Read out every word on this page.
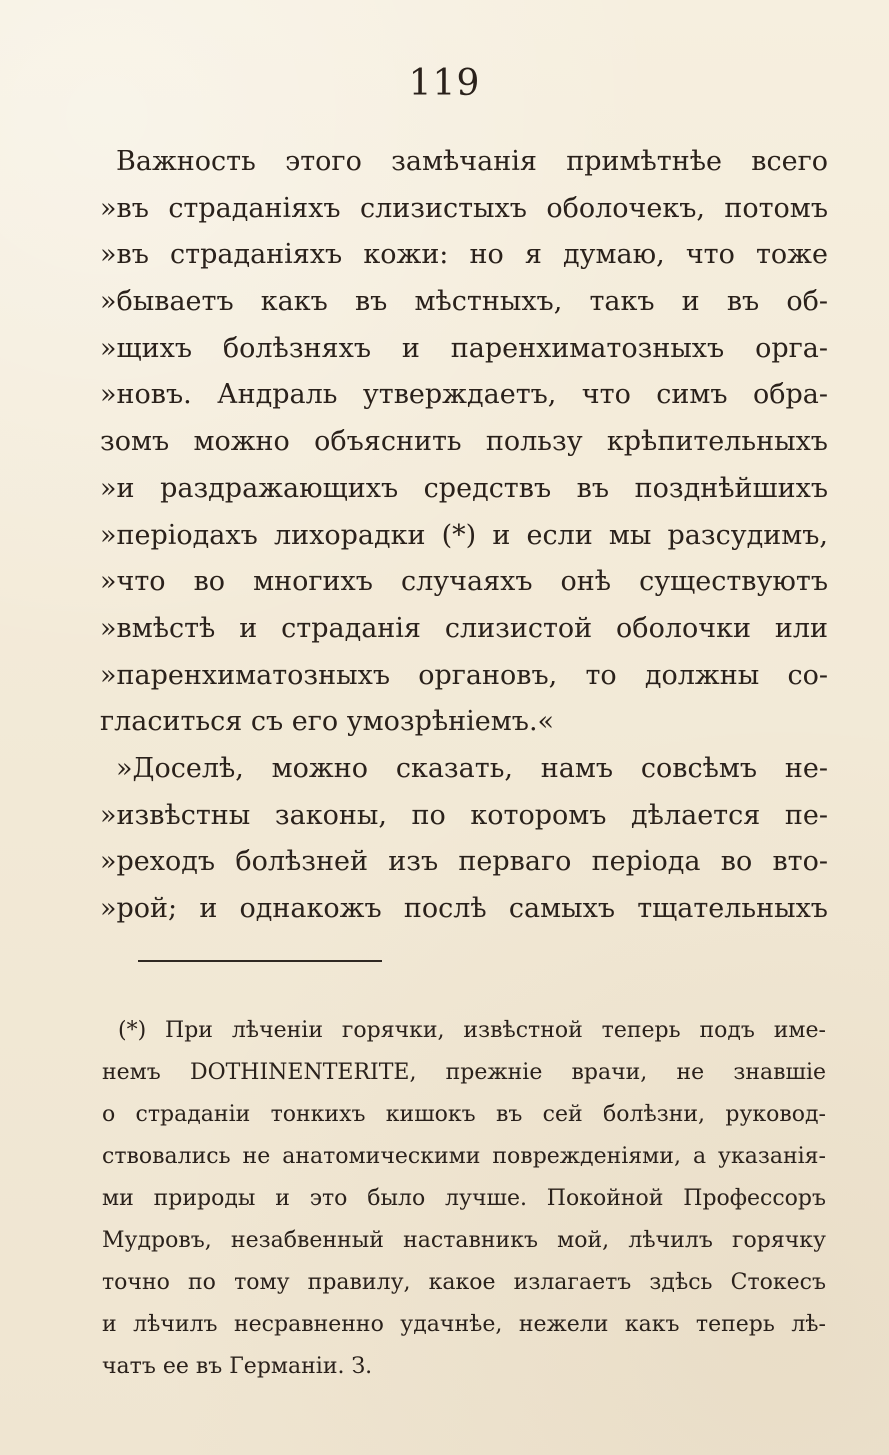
119
Важность этого замѣчанія примѣтнѣе всего
»въ страданіяхъ слизистыхъ оболочекъ, потомъ
»въ страданіяхъ кожи: но я думаю, что тоже
»бываетъ какъ въ мѣстныхъ, такъ и въ об-
»щихъ болѣзняхъ и паренхиматозныхъ орга-
»новъ. Андраль утверждаетъ, что симъ обра-
зомъ можно объяснить пользу крѣпительныхъ
»и раздражающихъ средствъ въ позднѣйшихъ
»періодахъ лихорадки (*) и если мы разсудимъ,
»что во многихъ случаяхъ онѣ существуютъ
»вмѣстѣ и страданія слизистой оболочки или
»паренхиматозныхъ органовъ, то должны со-
гласиться съ его умозрѣніемъ.«
»Доселѣ, можно сказать, намъ совсѣмъ не-
»извѣстны законы, по которомъ дѣлается пе-
»реходъ болѣзней изъ перваго періода во вто-
»рой; и однакожъ послѣ самыхъ тщательныхъ
(*) При лѣченіи горячки, извѣстной теперь подъ име-
немъ DOTHINENTERITE, прежніе врачи, не знавшіе
о страданіи тонкихъ кишокъ въ сей болѣзни, руковод-
ствовались не анатомическими поврежденіями, а указанія-
ми природы и это было лучше. Покойной Профессоръ
Мудровъ, незабвенный наставникъ мой, лѣчилъ горячку
точно по тому правилу, какое излагаетъ здѣсь Стокесъ
и лѣчилъ несравненно удачнѣе, нежели какъ теперь лѣ-
чатъ ее въ Германіи. З.
